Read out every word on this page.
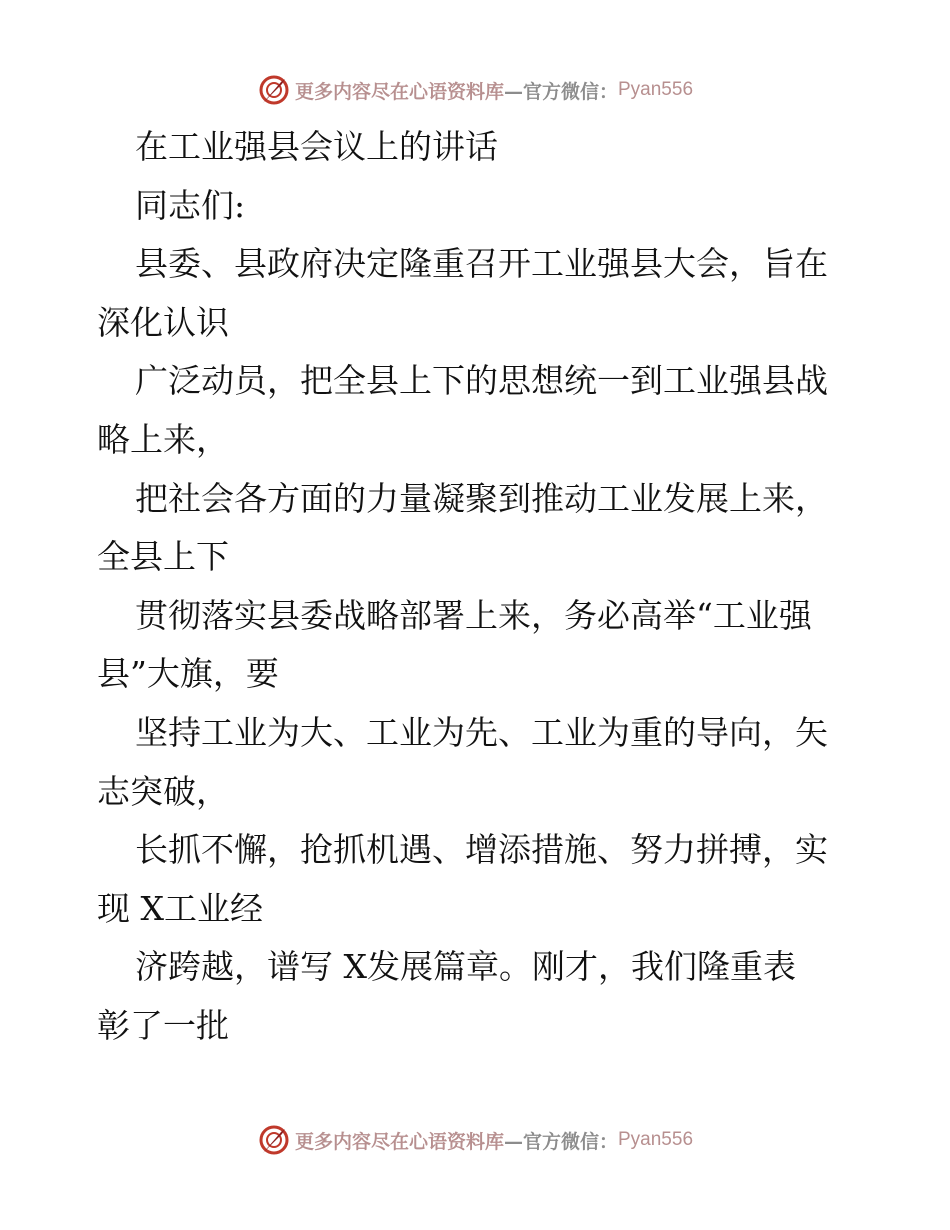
更多内容尽在心语资料库 —官方微信： Pyan556
在工业强县会议上的讲话
同志们:
县委、县政府决定隆重召开工业强县大会，旨在
深化认识
广泛动员，把全县上下的思想统一到工业强县战
略上来，
把社会各方面的力量凝聚到推动工业发展上来，
全县上下
贯彻落实县委战略部署上来，务必高举“工业强
县”大旗，要
坚持工业为大、工业为先、工业为重的导向，矢
志突破，
长抓不懈，抢抓机遇、增添措施、努力拼搏，实
现 X工业经
济跨越，谱写 X发展篇章。刚才，我们隆重表
彰了一批
更多内容尽在心语资料库 —官方微信： Pyan556
